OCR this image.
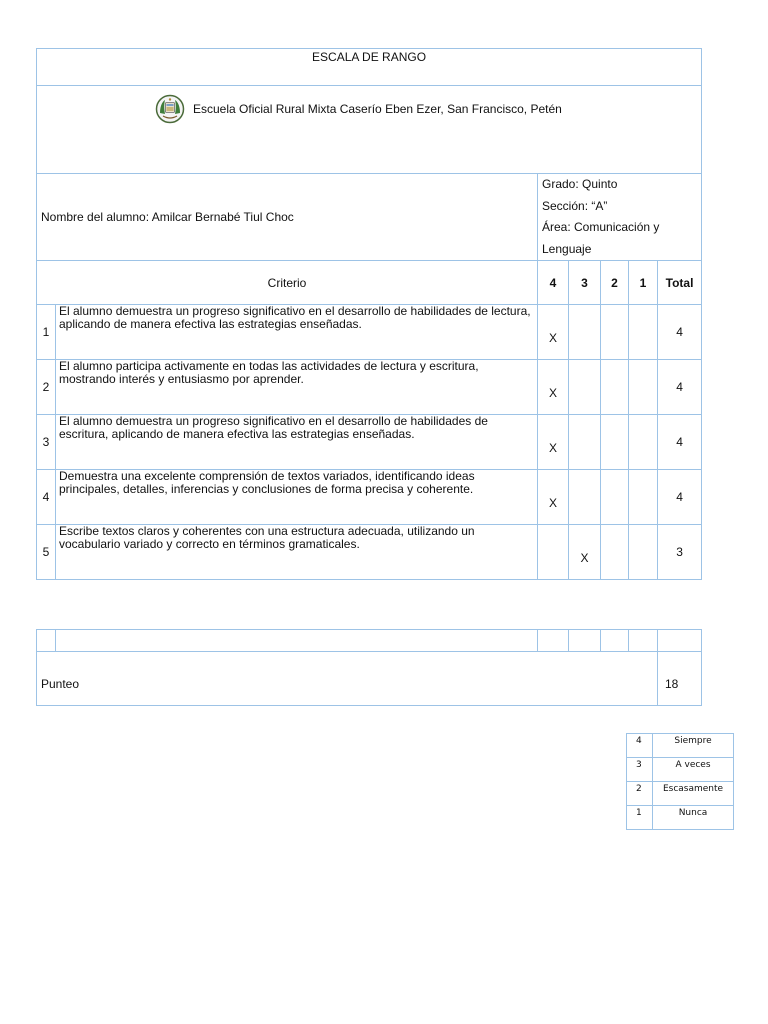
ESCALA DE RANGO						

Escuela Oficial Rural Mixta Caserío Eben Ezer, San Francisco, Petén						

Nombre del alumno: Amilcar Bernabé Tiul Choc		Grado: Quinto
Sección: “A”
Área: Comunicación y Lenguaje				

Criterio		4	3	2	1	Total
1	El alumno demuestra un progreso significativo en el desarrollo de habilidades de lectura, aplicando de manera efectiva las estrategias enseñadas.	X				4
2	El alumno participa activamente en todas las actividades de lectura y escritura, mostrando interés y entusiasmo por aprender.	X				4
3	El alumno demuestra un progreso significativo en el desarrollo de habilidades de escritura, aplicando de manera efectiva las estrategias enseñadas.	X				4
4	Demuestra una excelente comprensión de textos variados, identificando ideas principales, detalles, inferencias y conclusiones de forma precisa y coherente.	X				4
5	Escribe textos claros y coherentes con una estructura adecuada, utilizando un vocabulario variado y correcto en términos gramaticales.		X			3

Punteo						18
4	Siempre
3	A veces
2	Escasamente
1	Nunca
